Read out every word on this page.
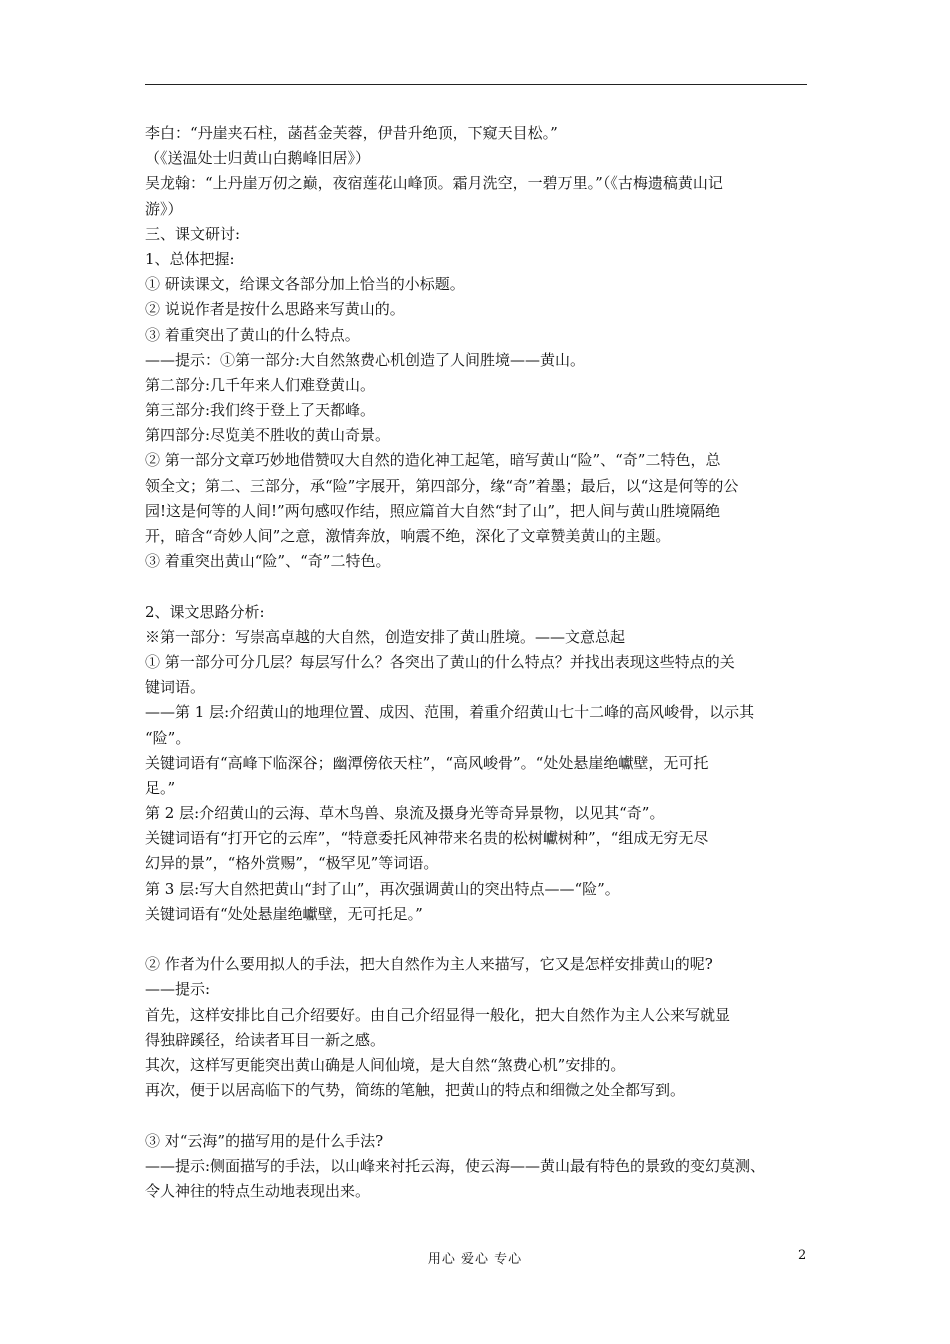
李白：“丹崖夹石柱，菡萏金芙蓉，伊昔升绝顶，下窥天目松。”
（《送温处士归黄山白鹅峰旧居》）
吴龙翰：“上丹崖万仞之巅，夜宿莲花山峰顶。霜月洗空，一碧万里。”（《古梅遗稿黄山记
游》）
三、课文研讨:
1、总体把握:
① 研读课文，给课文各部分加上恰当的小标题。
② 说说作者是按什么思路来写黄山的。
③ 着重突出了黄山的什么特点。
——提示：①第一部分:大自然煞费心机创造了人间胜境——黄山。
第二部分:几千年来人们难登黄山。
第三部分:我们终于登上了天都峰。
第四部分:尽览美不胜收的黄山奇景。
② 第一部分文章巧妙地借赞叹大自然的造化神工起笔，暗写黄山“险”、“奇”二特色，总
领全文；第二、三部分，承“险”字展开，第四部分，缘“奇”着墨；最后，以“这是何等的公
园!这是何等的人间!”两句感叹作结，照应篇首大自然“封了山”，把人间与黄山胜境隔绝
开，暗含“奇妙人间”之意，激情奔放，响震不绝，深化了文章赞美黄山的主题。
③ 着重突出黄山“险”、“奇”二特色。
2、课文思路分析:
※第一部分：写崇高卓越的大自然，创造安排了黄山胜境。——文意总起
① 第一部分可分几层？每层写什么？各突出了黄山的什么特点？并找出表现这些特点的关
键词语。
——第 1 层:介绍黄山的地理位置、成因、范围，着重介绍黄山七十二峰的高风峻骨，以示其
“险”。
关键词语有“高峰下临深谷；幽潭傍依天柱”，“高风峻骨”。“处处悬崖绝巘壁，无可托
足。”
第 2 层:介绍黄山的云海、草木鸟兽、泉流及摄身光等奇异景物，以见其“奇”。
关键词语有“打开它的云库”，“特意委托风神带来名贵的松树巘树种”，“组成无穷无尽
幻异的景”，“格外赏赐”，“极罕见”等词语。
第 3 层:写大自然把黄山“封了山”，再次强调黄山的突出特点——“险”。
关键词语有“处处悬崖绝巘壁，无可托足。”
② 作者为什么要用拟人的手法，把大自然作为主人来描写，它又是怎样安排黄山的呢?
——提示:
首先，这样安排比自己介绍要好。由自己介绍显得一般化，把大自然作为主人公来写就显
得独辟蹊径，给读者耳目一新之感。
其次，这样写更能突出黄山确是人间仙境，是大自然“煞费心机”安排的。
再次，便于以居高临下的气势，简练的笔触，把黄山的特点和细微之处全都写到。
③ 对“云海”的描写用的是什么手法?
——提示:侧面描写的手法，以山峰来衬托云海，使云海——黄山最有特色的景致的变幻莫测、
令人神往的特点生动地表现出来。
用心 爱心 专心	2
